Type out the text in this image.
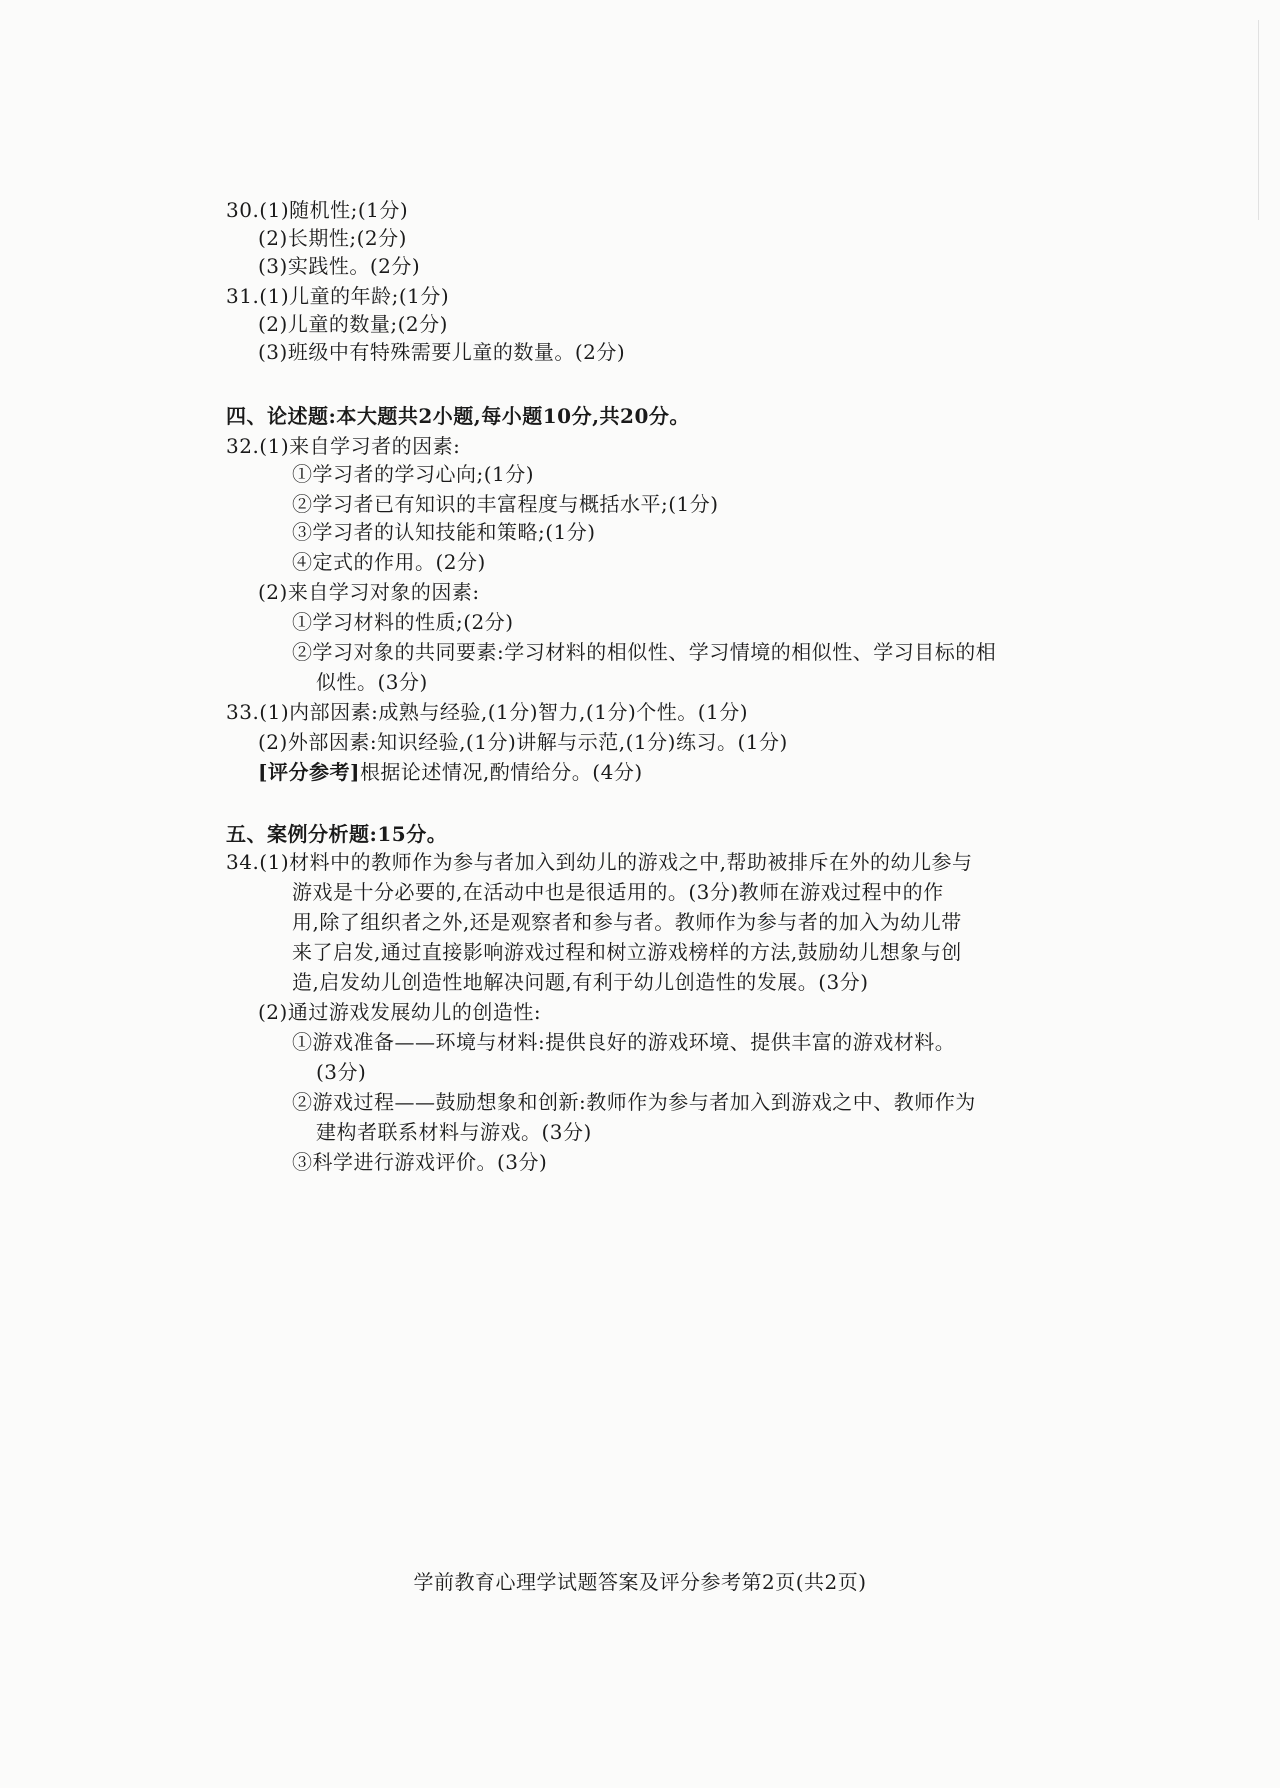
30.(1)随机性;(1分)
(2)长期性;(2分)
(3)实践性。(2分)
31.(1)儿童的年龄;(1分)
(2)儿童的数量;(2分)
(3)班级中有特殊需要儿童的数量。(2分)
四、论述题:本大题共2小题,每小题10分,共20分。
32.(1)来自学习者的因素:
①学习者的学习心向;(1分)
②学习者已有知识的丰富程度与概括水平;(1分)
③学习者的认知技能和策略;(1分)
④定式的作用。(2分)
(2)来自学习对象的因素:
①学习材料的性质;(2分)
②学习对象的共同要素:学习材料的相似性、学习情境的相似性、学习目标的相
似性。(3分)
33.(1)内部因素:成熟与经验,(1分)智力,(1分)个性。(1分)
(2)外部因素:知识经验,(1分)讲解与示范,(1分)练习。(1分)
[评分参考]根据论述情况,酌情给分。(4分)
五、案例分析题:15分。
34.(1)材料中的教师作为参与者加入到幼儿的游戏之中,帮助被排斥在外的幼儿参与
游戏是十分必要的,在活动中也是很适用的。(3分)教师在游戏过程中的作
用,除了组织者之外,还是观察者和参与者。教师作为参与者的加入为幼儿带
来了启发,通过直接影响游戏过程和树立游戏榜样的方法,鼓励幼儿想象与创
造,启发幼儿创造性地解决问题,有利于幼儿创造性的发展。(3分)
(2)通过游戏发展幼儿的创造性:
①游戏准备——环境与材料:提供良好的游戏环境、提供丰富的游戏材料。
(3分)
②游戏过程——鼓励想象和创新:教师作为参与者加入到游戏之中、教师作为
建构者联系材料与游戏。(3分)
③科学进行游戏评价。(3分)
学前教育心理学试题答案及评分参考第2页(共2页)
